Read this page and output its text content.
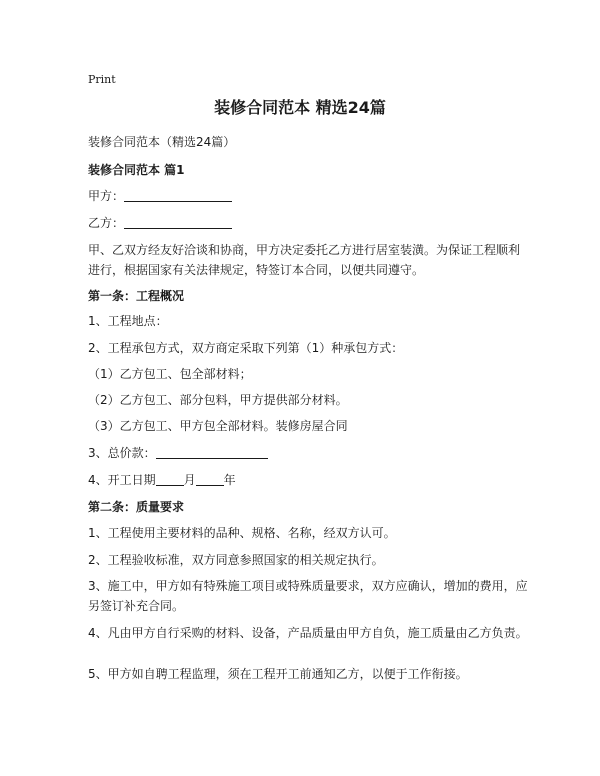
Print
装修合同范本 精选24篇
装修合同范本（精选24篇）
装修合同范本 篇1
甲方：
乙方：
甲、乙双方经友好洽谈和协商，甲方决定委托乙方进行居室装潢。为保证工程顺利进行，根据国家有关法律规定，特签订本合同，以便共同遵守。
第一条：工程概况
1、工程地点：
2、工程承包方式，双方商定采取下列第（1）种承包方式：
（1）乙方包工、包全部材料；
（2）乙方包工、部分包料，甲方提供部分材料。
（3）乙方包工、甲方包全部材料。装修房屋合同
3、总价款：
4、开工日期 月 年
第二条：质量要求
1、工程使用主要材料的品种、规格、名称，经双方认可。
2、工程验收标准，双方同意参照国家的相关规定执行。
3、施工中，甲方如有特殊施工项目或特殊质量要求，双方应确认，增加的费用，应另签订补充合同。
4、凡由甲方自行采购的材料、设备，产品质量由甲方自负，施工质量由乙方负责。
5、甲方如自聘工程监理，须在工程开工前通知乙方，以便于工作衔接。
